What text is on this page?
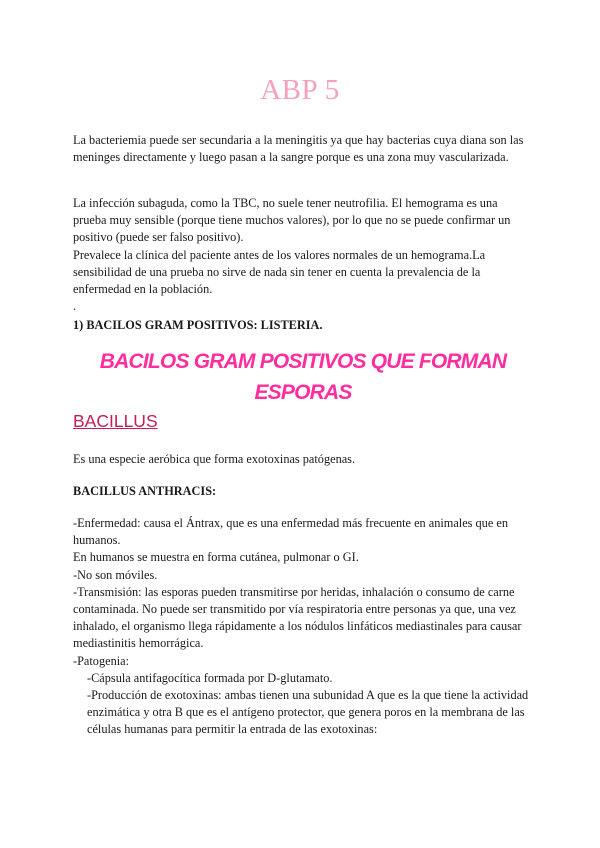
ABP 5

La bacteriemia puede ser secundaria a la meningitis ya que hay bacterias cuya diana son las meninges directamente y luego pasan a la sangre porque es una zona muy vascularizada.

La infección subaguda, como la TBC, no suele tener neutrofilia. El hemograma es una prueba muy sensible (porque tiene muchos valores), por lo que no se puede confirmar un positivo (puede ser falso positivo).

Prevalece la clínica del paciente antes de los valores normales de un hemograma.La sensibilidad de una prueba no sirve de nada sin tener en cuenta la prevalencia de la enfermedad en la población.

.

1) BACILOS GRAM POSITIVOS: LISTERIA.

BACILOS GRAM POSITIVOS QUE FORMAN ESPORAS
BACILLUS

Es una especie aeróbica que forma exotoxinas patógenas.

BACILLUS ANTHRACIS:

-Enfermedad: causa el Ántrax, que es una enfermedad más frecuente en animales que en humanos.

En humanos se muestra en forma cutánea, pulmonar o GI.

-No son móviles.

-Transmisión: las esporas pueden transmitirse por heridas, inhalación o consumo de carne contaminada. No puede ser transmitido por vía respiratoria entre personas ya que, una vez inhalado, el organismo llega rápidamente a los nódulos linfáticos mediastinales para causar mediastinitis hemorrágica.

-Patogenia:

-Cápsula antifagocítica formada por D-glutamato.

-Producción de exotoxinas: ambas tienen una subunidad A que es la que tiene la actividad enzimática y otra B que es el antígeno protector, que genera poros en la membrana de las células humanas para permitir la entrada de las exotoxinas:
